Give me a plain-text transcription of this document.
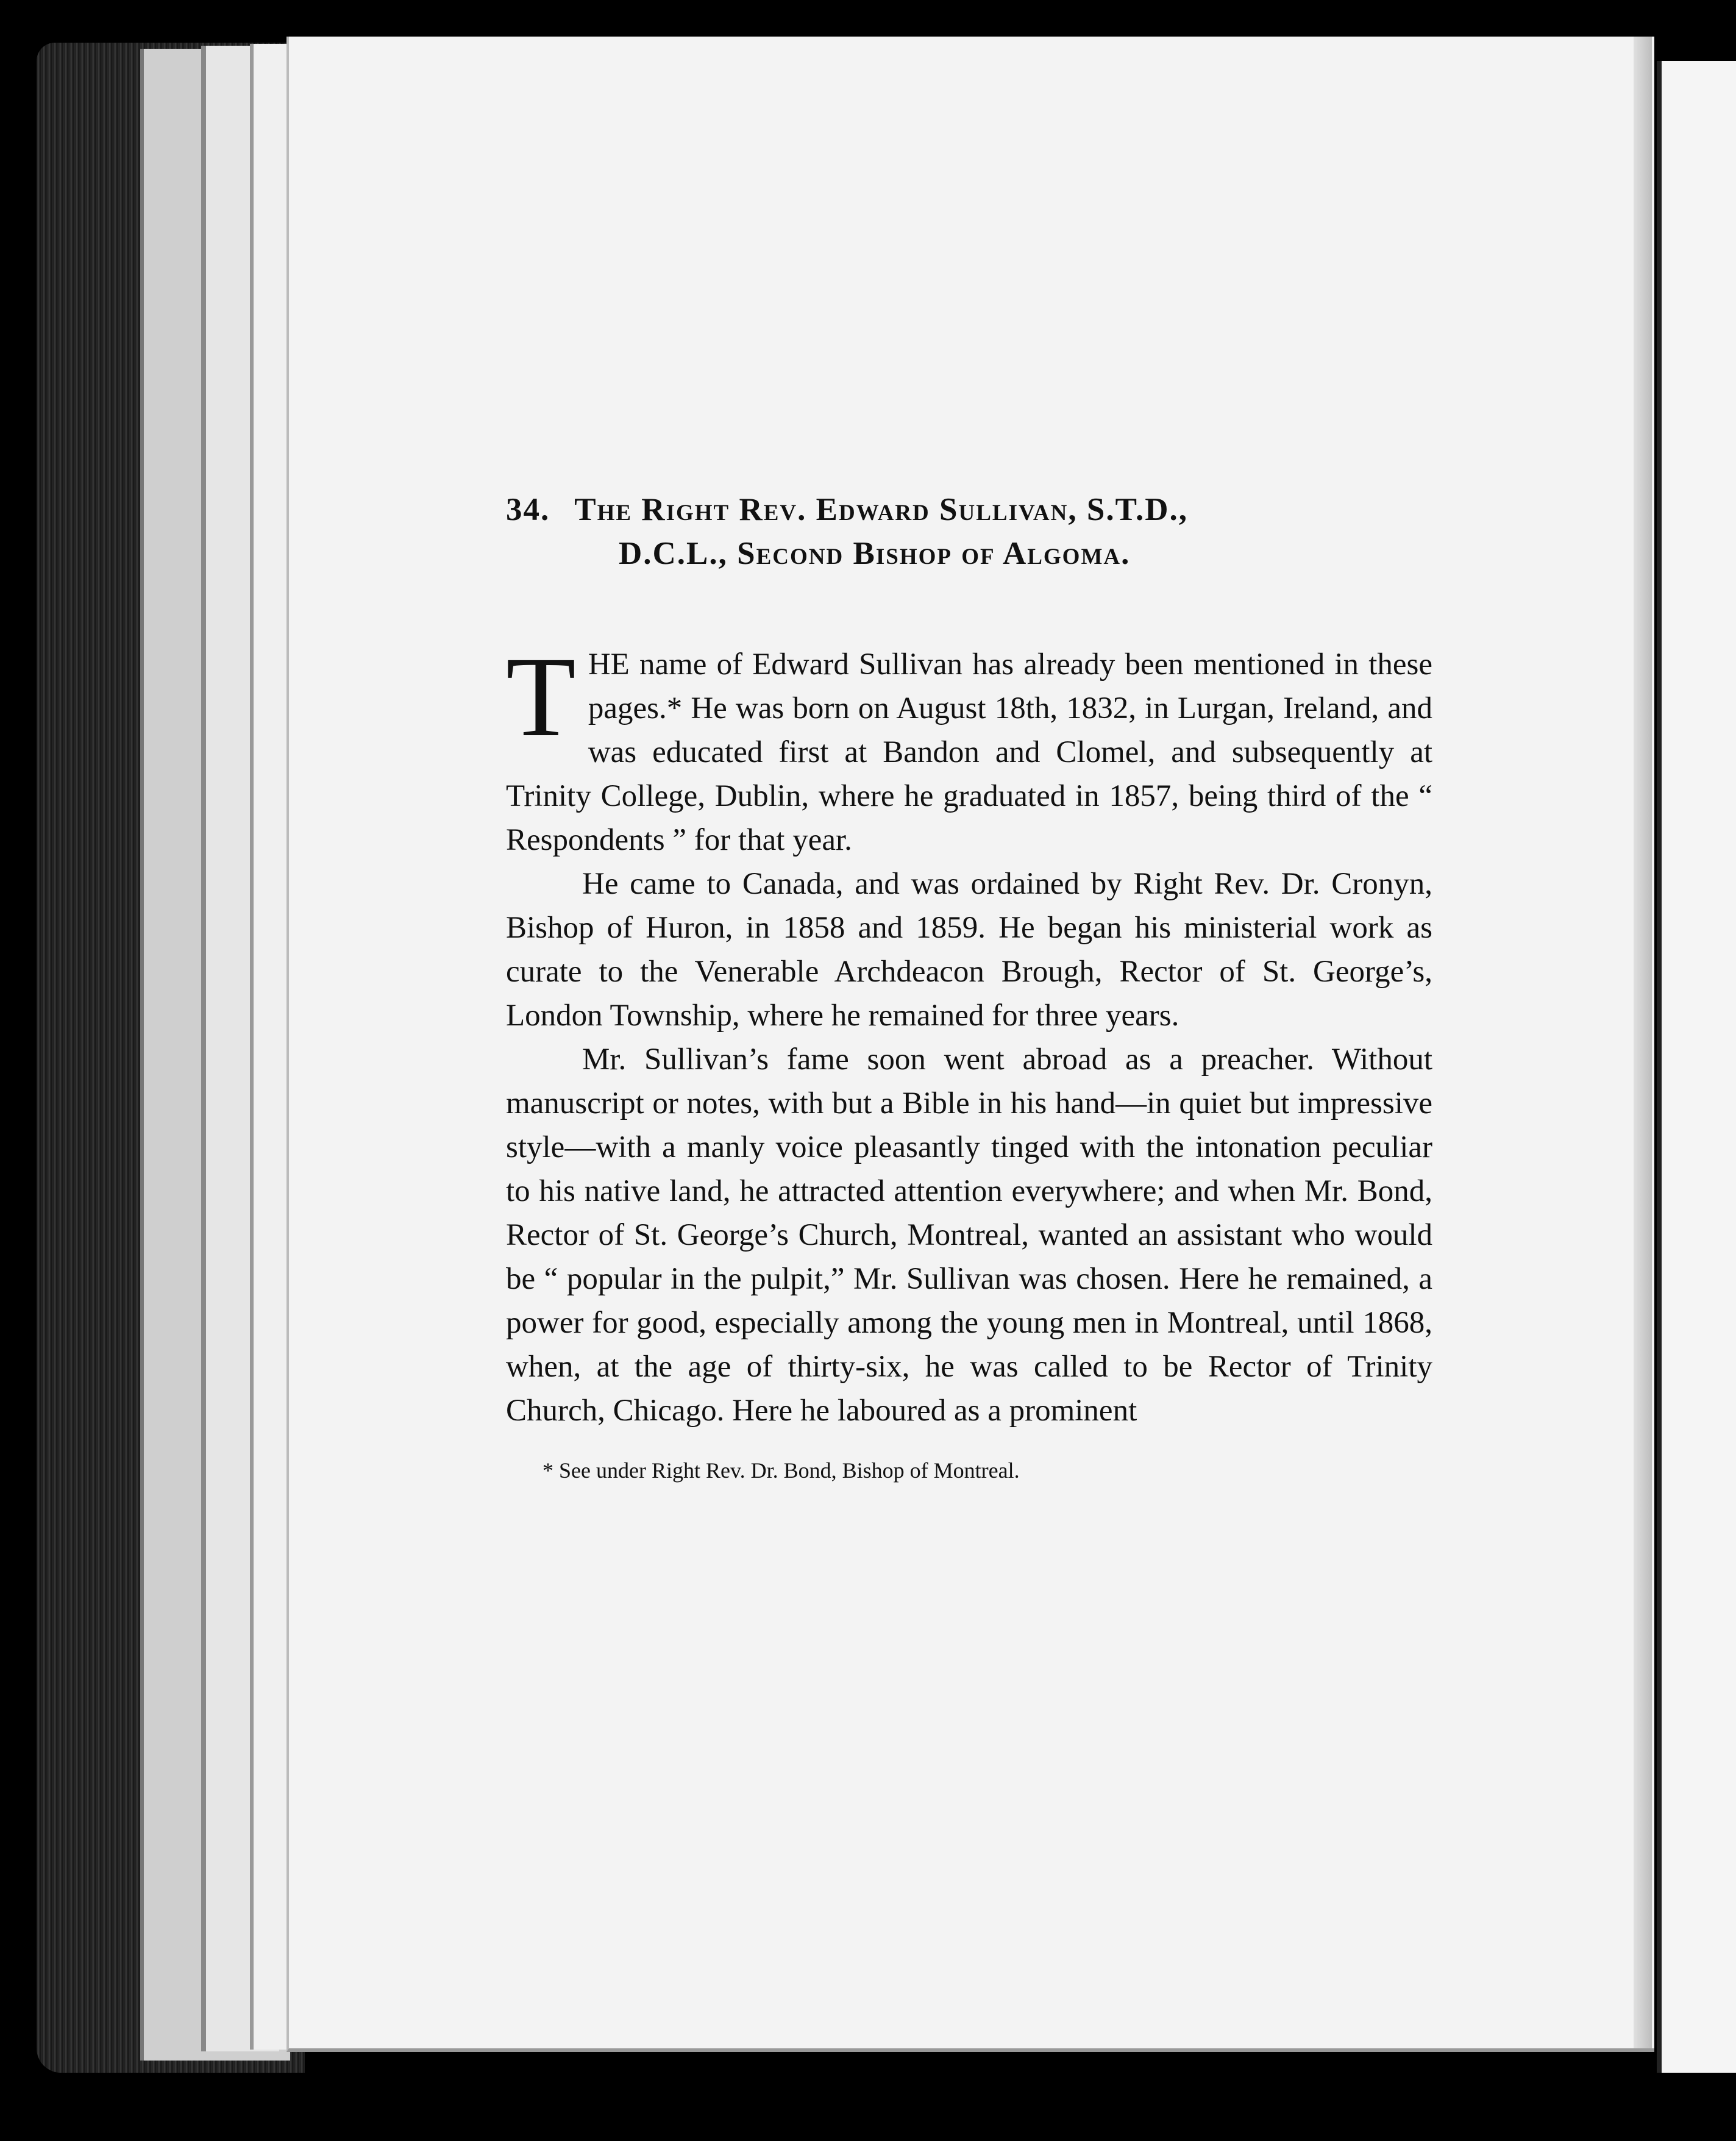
34. The Right Rev. Edward Sullivan, S.T.D.,
D.C.L., Second Bishop of Algoma.

THE name of Edward Sullivan has already been mentioned in these pages.* He was born on August 18th, 1832, in Lurgan, Ireland, and was educated first at Bandon and Clomel, and subsequently at Trinity College, Dublin, where he graduated in 1857, being third of the “ Respondents ” for that year.

He came to Canada, and was ordained by Right Rev. Dr. Cronyn, Bishop of Huron, in 1858 and 1859. He began his ministerial work as curate to the Venerable Archdeacon Brough, Rector of St. George’s, London Township, where he remained for three years.

Mr. Sullivan’s fame soon went abroad as a preacher. Without manuscript or notes, with but a Bible in his hand—in quiet but impressive style—with a manly voice pleasantly tinged with the intonation peculiar to his native land, he attracted attention everywhere; and when Mr. Bond, Rector of St. George’s Church, Montreal, wanted an assistant who would be “ popular in the pulpit,” Mr. Sullivan was chosen. Here he remained, a power for good, especially among the young men in Montreal, until 1868, when, at the age of thirty-six, he was called to be Rector of Trinity Church, Chicago. Here he laboured as a prominent

* See under Right Rev. Dr. Bond, Bishop of Montreal.
